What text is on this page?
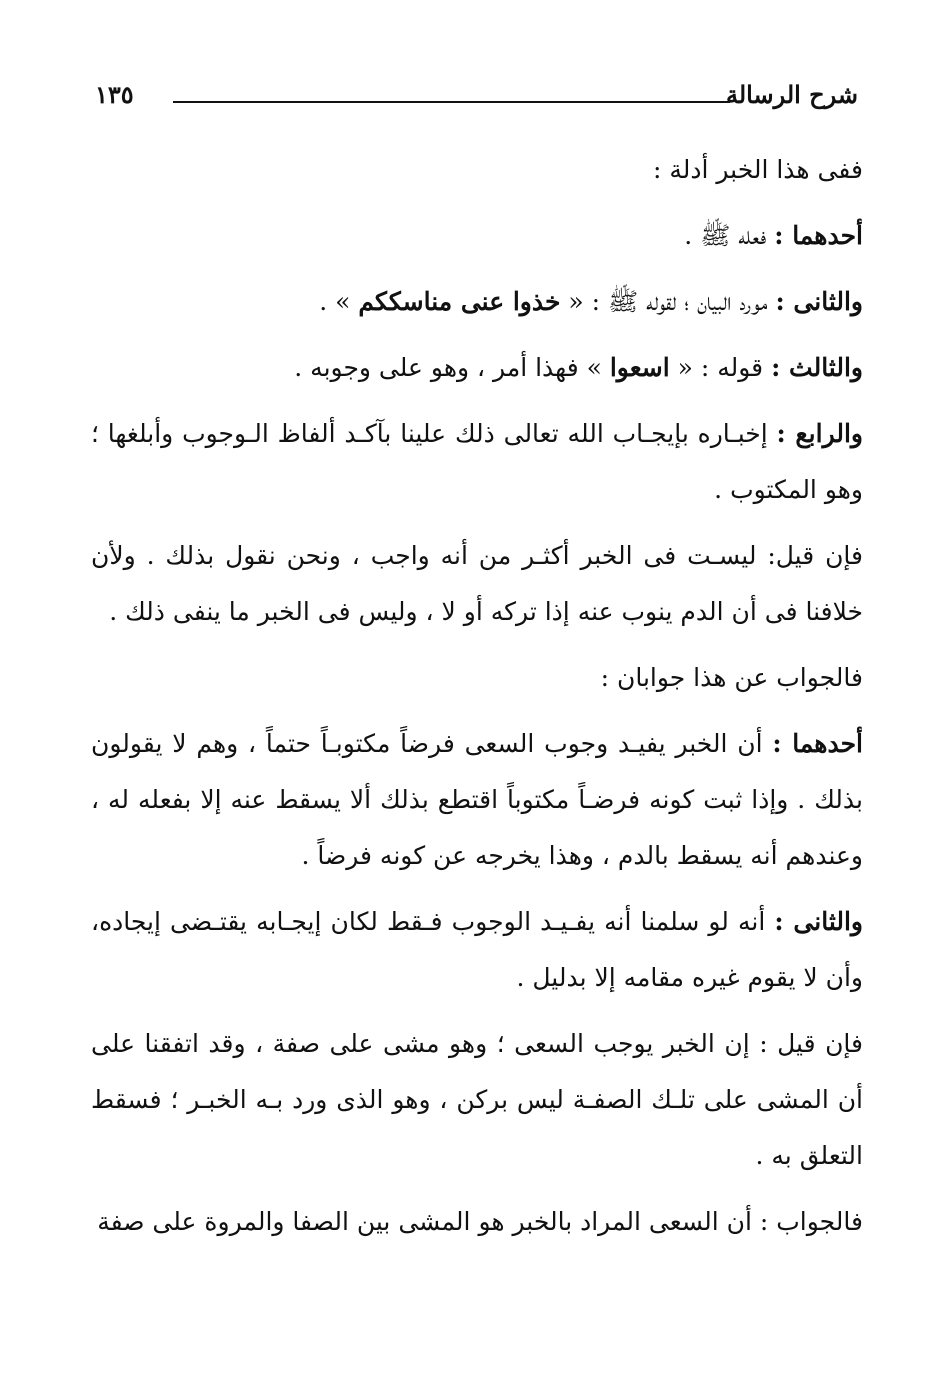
شرح الرسالة
١٣٥

ففى هذا الخبر أدلة :

أحدهما : فعله ﷺ .

والثانى : مورد البيان ؛ لقوله ﷺ : « خذوا عنى مناسككم » .

والثالث : قوله : « اسعوا » فهذا أمر ، وهو على وجوبه .

والرابع : إخبـاره بإيجـاب الله تعالى ذلك علينا بآكـد ألفاظ الـوجوب وأبلغها ؛ وهو المكتوب .

فإن قيل: ليسـت فى الخبر أكثـر من أنه واجب ، ونحن نقول بذلك . ولأن خلافنا فى أن الدم ينوب عنه إذا تركه أو لا ، وليس فى الخبر ما ينفى ذلك .

فالجواب عن هذا جوابان :

أحدهما : أن الخبر يفيـد وجوب السعى فرضاً مكتوبـاً حتماً ، وهم لا يقولون بذلك . وإذا ثبت كونه فرضـاً مكتوباً اقتطع بذلك ألا يسقط عنه إلا بفعله له ، وعندهم أنه يسقط بالدم ، وهذا يخرجه عن كونه فرضاً .

والثانى : أنه لو سلمنا أنه يفـيـد الوجوب فـقط لكان إيجـابه يقتـضى إيجاده، وأن لا يقوم غيره مقامه إلا بدليل .

فإن قيل : إن الخبر يوجب السعى ؛ وهو مشى على صفة ، وقد اتفقنا على أن المشى على تلـك الصفـة ليس بركن ، وهو الذى ورد بـه الخبـر ؛ فسقط التعلق به .

فالجواب : أن السعى المراد بالخبر هو المشى بين الصفا والمروة على صفة
